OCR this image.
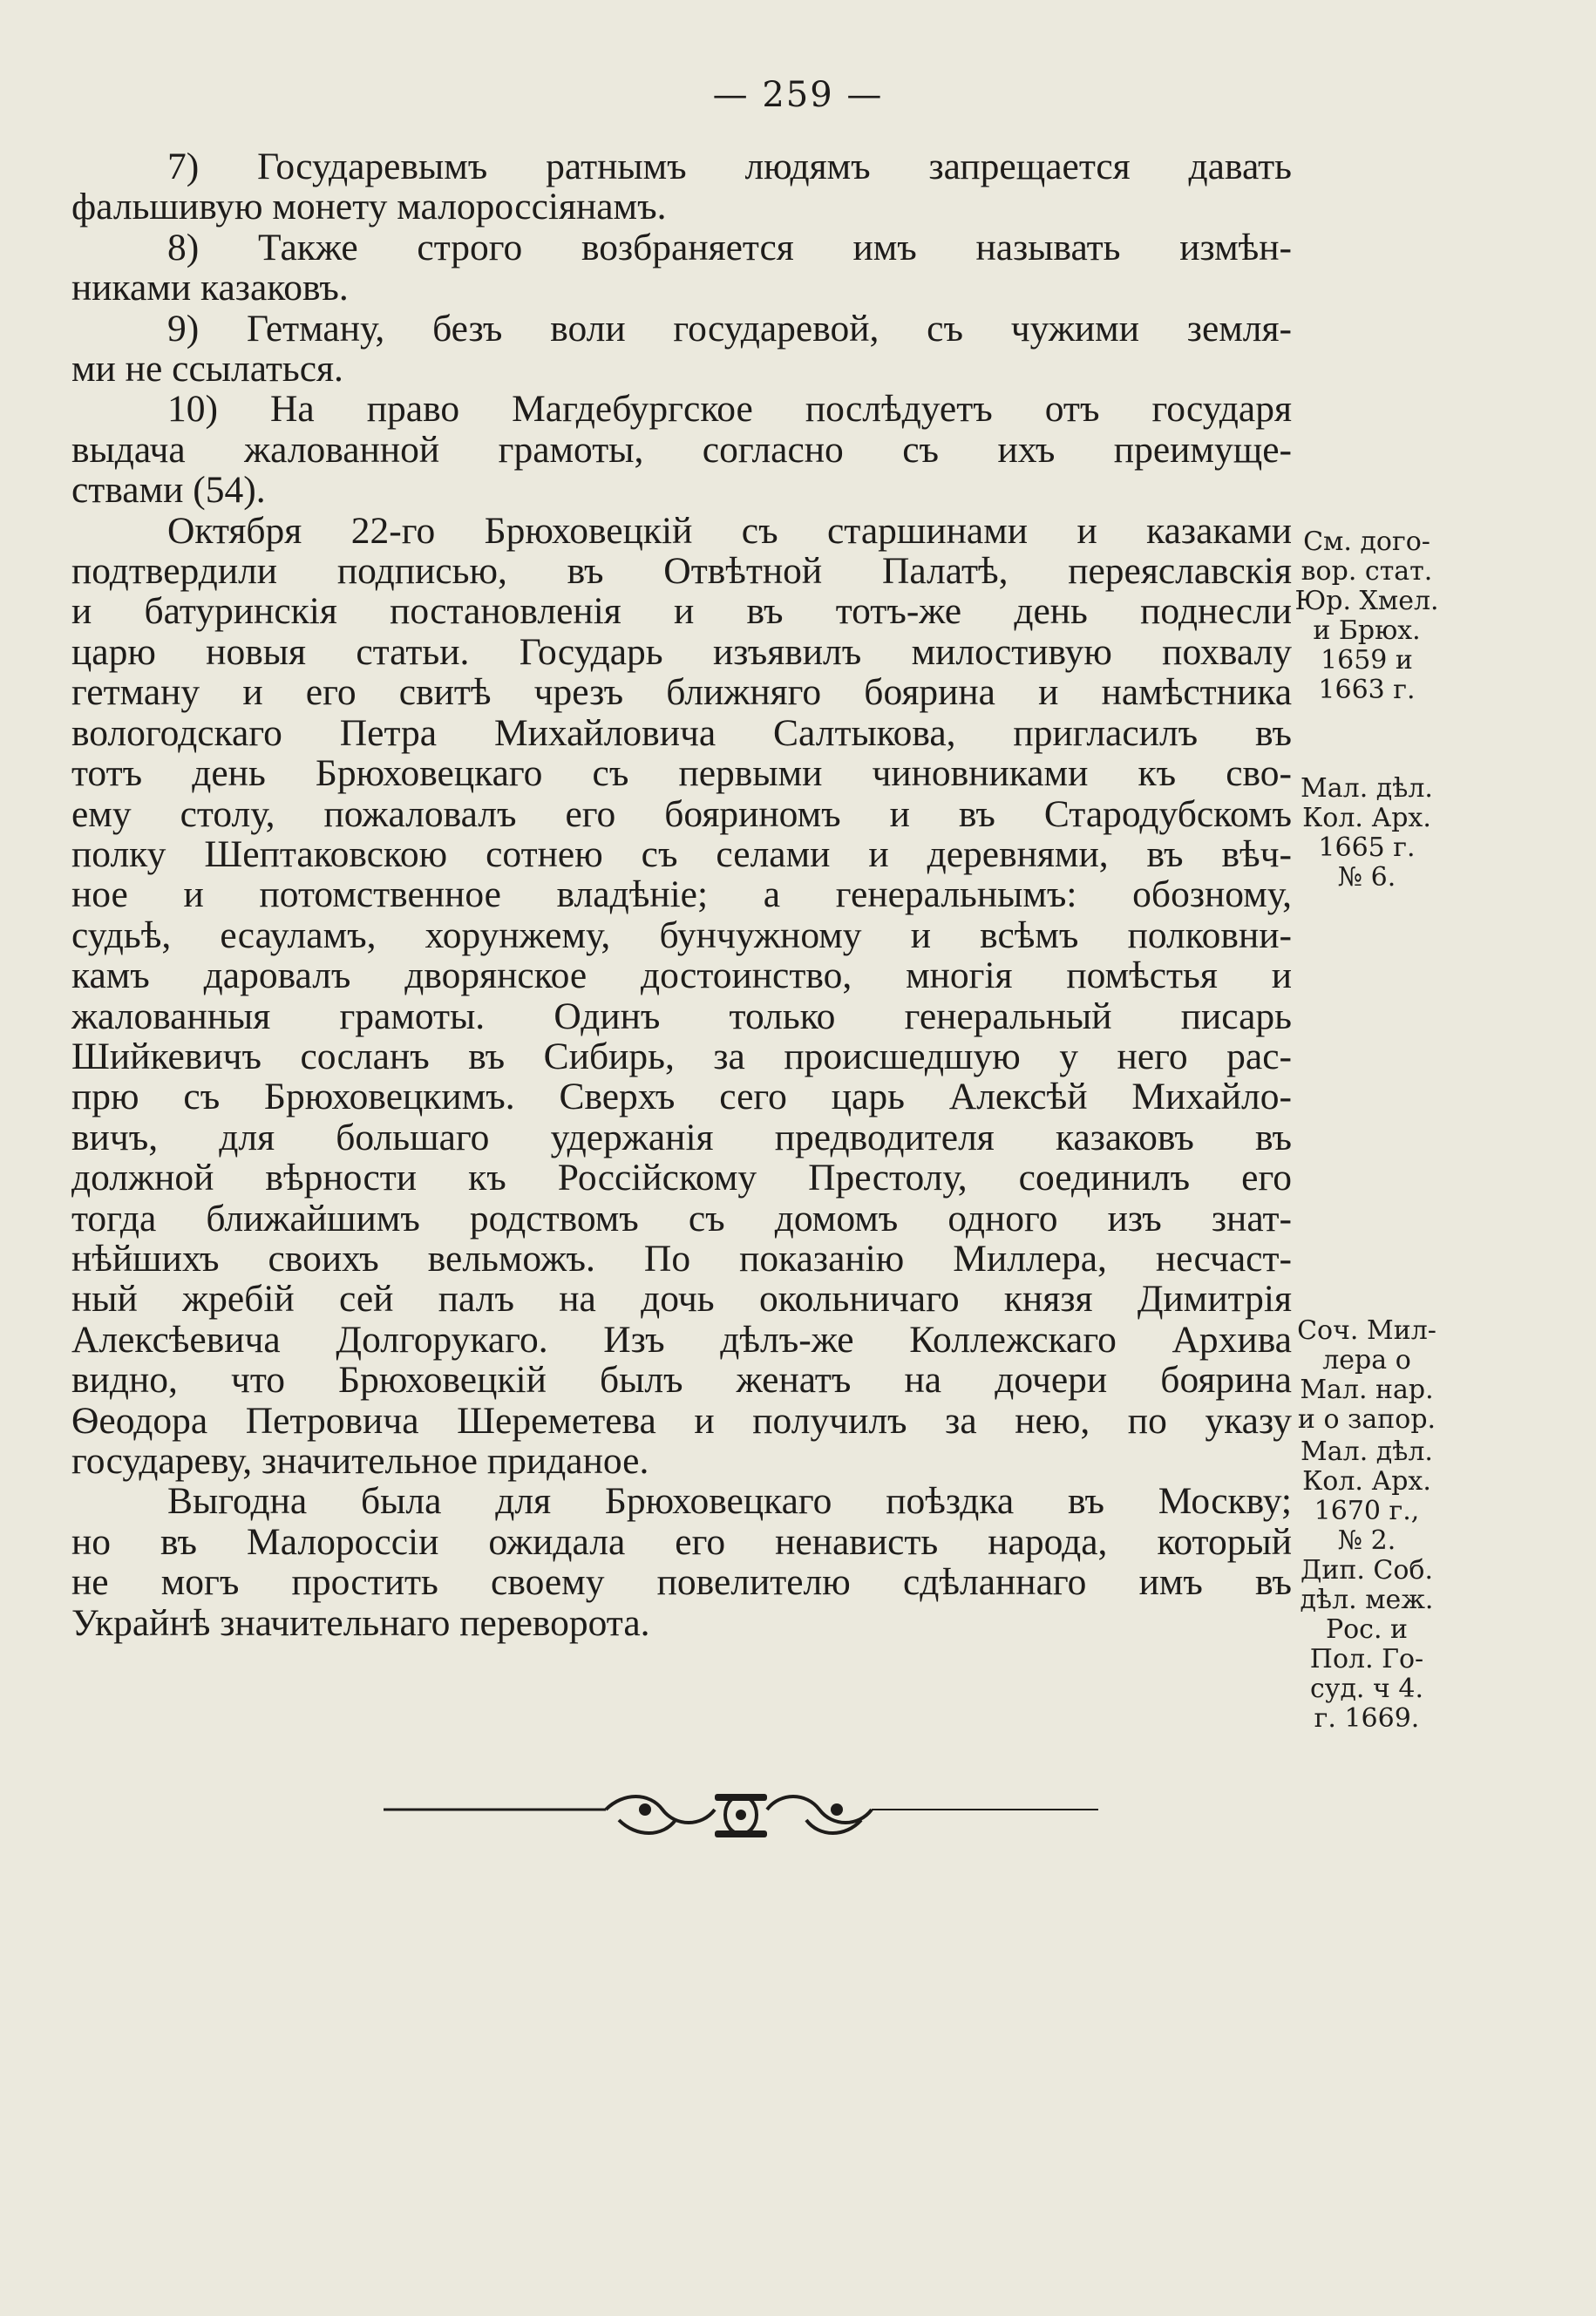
— 259 —
7) Государевымъ ратнымъ людямъ запрещается давать
фальшивую монету малороссіянамъ.
8) Также строго возбраняется имъ называть измѣн-
никами казаковъ.
9) Гетману, безъ воли государевой, съ чужими земля-
ми не ссылаться.
10) На право Магдебургское послѣдуетъ отъ государя
выдача жалованной грамоты, согласно съ ихъ преимуще-
ствами (54).
Октября 22-го Брюховецкій съ старшинами и казаками
подтвердили подписью, въ Отвѣтной Палатѣ, переяславскія
и батуринскія постановленія и въ тотъ-же день поднесли
царю новыя статьи. Государь изъявилъ милостивую похвалу
гетману и его свитѣ чрезъ ближняго боярина и намѣстника
вологодскаго Петра Михайловича Салтыкова, пригласилъ въ
тотъ день Брюховецкаго съ первыми чиновниками къ сво-
ему столу, пожаловалъ его бояриномъ и въ Стародубскомъ
полку Шептаковскою сотнею съ селами и деревнями, въ вѣч-
ное и потомственное владѣніе; а генеральнымъ: обозному,
судьѣ, есауламъ, хорунжему, бунчужному и всѣмъ полковни-
камъ даровалъ дворянское достоинство, многія помѣстья и
жалованныя грамоты. Одинъ только генеральный писарь
Шийкевичъ сосланъ въ Сибирь, за происшедшую у него рас-
прю съ Брюховецкимъ. Сверхъ сего царь Алексѣй Михайло-
вичъ, для большаго удержанія предводителя казаковъ въ
должной вѣрности къ Россійскому Престолу, соединилъ его
тогда ближайшимъ родствомъ съ домомъ одного изъ знат-
нѣйшихъ своихъ вельможъ. По показанію Миллера, несчаст-
ный жребій сей палъ на дочь окольничаго князя Димитрія
Алексѣевича Долгорукаго. Изъ дѣлъ-же Коллежскаго Архива
видно, что Брюховецкій былъ женатъ на дочери боярина
Ѳеодора Петровича Шереметева и получилъ за нею, по указу
государеву, значительное приданое.
Выгодна была для Брюховецкаго поѣздка въ Москву;
но въ Малороссіи ожидала его ненависть народа, который
не могъ простить своему повелителю сдѣланнаго имъ въ
Украйнѣ значительнаго переворота.
См. дого-
вор. стат.
Юр. Хмел.
и Брюх.
1659 и
1663 г.
Мал. дѣл.
Кол. Арх.
1665 г.
№ 6.
Соч. Мил-
лера о
Мал. нар.
и о запор.
Мал. дѣл.
Кол. Арх.
1670 г.,
№ 2.
Дип. Соб.
дѣл. меж.
Рос. и
Пол. Го-
суд. ч 4.
г. 1669.
